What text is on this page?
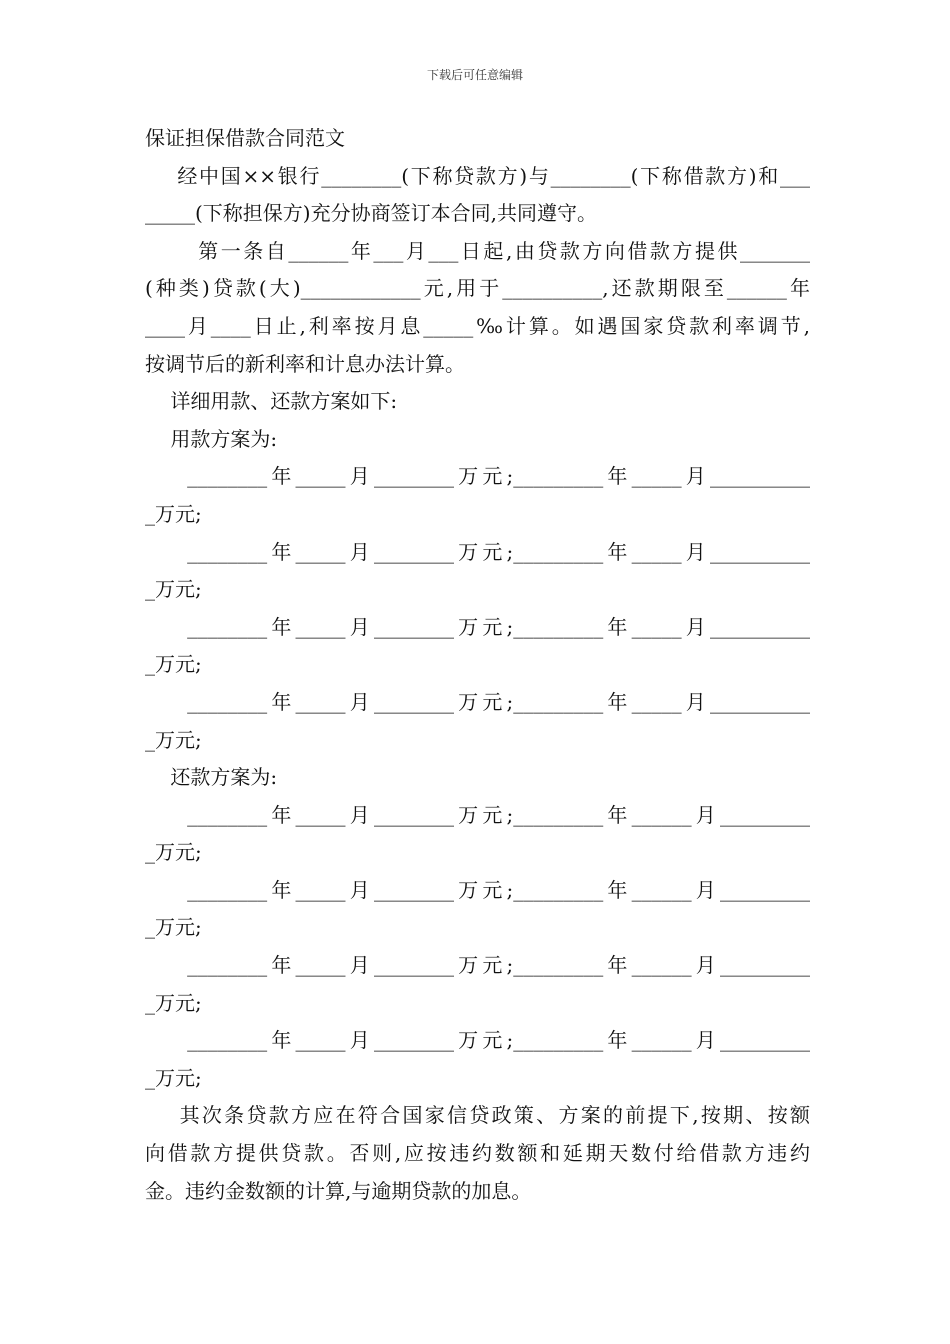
下载后可任意编辑
保证担保借款合同范文
经中国××银行________(下称贷款方)与________(下称借款方)和___
_____(下称担保方)充分协商签订本合同,共同遵守。
第一条自______年___月___日起,由贷款方向借款方提供_______
(种类)贷款(大)____________元,用于__________,还款期限至______年
____月____日止,利率按月息_____‰计算。如遇国家贷款利率调节,
按调节后的新利率和计息办法计算。
详细用款、还款方案如下:
用款方案为:
________年_____月________万元;_________年_____月__________
_万元;
________年_____月________万元;_________年_____月__________
_万元;
________年_____月________万元;_________年_____月__________
_万元;
________年_____月________万元;_________年_____月__________
_万元;
还款方案为:
________年_____月________万元;_________年______月_________
_万元;
________年_____月________万元;_________年______月_________
_万元;
________年_____月________万元;_________年______月_________
_万元;
________年_____月________万元;_________年______月_________
_万元;
其次条贷款方应在符合国家信贷政策、方案的前提下,按期、按额
向借款方提供贷款。否则,应按违约数额和延期天数付给借款方违约
金。违约金数额的计算,与逾期贷款的加息。
